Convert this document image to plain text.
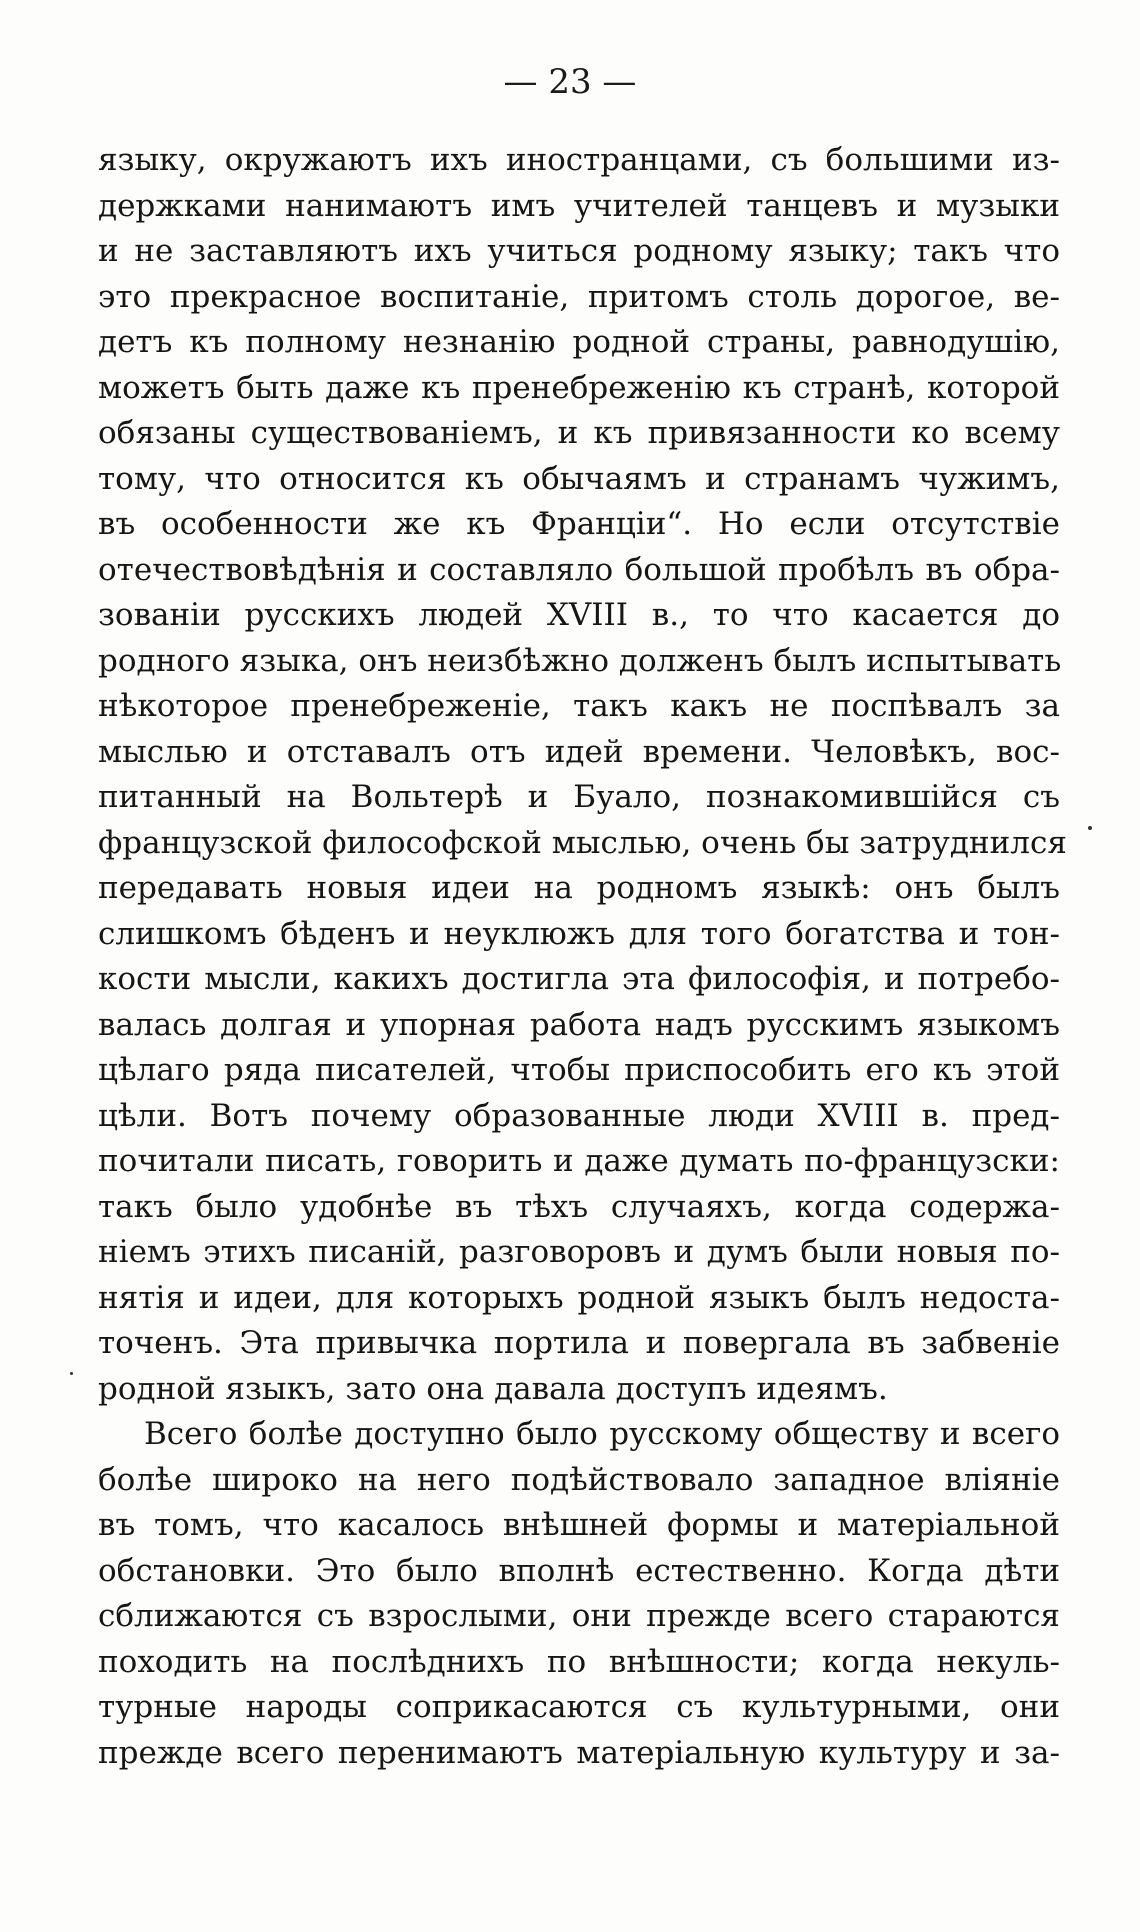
— 23 —
языку, окружаютъ ихъ иностранцами, съ большими из-
держками нанимаютъ имъ учителей танцевъ и музыки
и не заставляютъ ихъ учиться родному языку; такъ что
это прекрасное воспитаніе, притомъ столь дорогое, ве-
детъ къ полному незнанію родной страны, равнодушію,
можетъ быть даже къ пренебреженію къ странѣ, которой
обязаны существованіемъ, и къ привязанности ко всему
тому, что относится къ обычаямъ и странамъ чужимъ,
въ особенности же къ Франціи“. Но если отсутствіе
отечествовѣдѣнія и составляло большой пробѣлъ въ обра-
зованіи русскихъ людей XVIII в., то что касается до
родного языка, онъ неизбѣжно долженъ былъ испытывать
нѣкоторое пренебреженіе, такъ какъ не поспѣвалъ за
мыслью и отставалъ отъ идей времени. Человѣкъ, вос-
питанный на Вольтерѣ и Буало, познакомившійся съ
французской философской мыслью, очень бы затруднился
передавать новыя идеи на родномъ языкѣ: онъ былъ
слишкомъ бѣденъ и неуклюжъ для того богатства и тон-
кости мысли, какихъ достигла эта философія, и потребо-
валась долгая и упорная работа надъ русскимъ языкомъ
цѣлаго ряда писателей, чтобы приспособить его къ этой
цѣли. Вотъ почему образованные люди XVIII в. пред-
почитали писать, говорить и даже думать по-французски:
такъ было удобнѣе въ тѣхъ случаяхъ, когда содержа-
ніемъ этихъ писаній, разговоровъ и думъ были новыя по-
нятія и идеи, для которыхъ родной языкъ былъ недоста-
точенъ. Эта привычка портила и повергала въ забвеніе
родной языкъ, зато она давала доступъ идеямъ.
Всего болѣе доступно было русскому обществу и всего
болѣе широко на него подѣйствовало западное вліяніе
въ томъ, что касалось внѣшней формы и матеріальной
обстановки. Это было вполнѣ естественно. Когда дѣти
сближаются съ взрослыми, они прежде всего стараются
походить на послѣднихъ по внѣшности; когда некуль-
турные народы соприкасаются съ культурными, они
прежде всего перенимаютъ матеріальную культуру и за-
